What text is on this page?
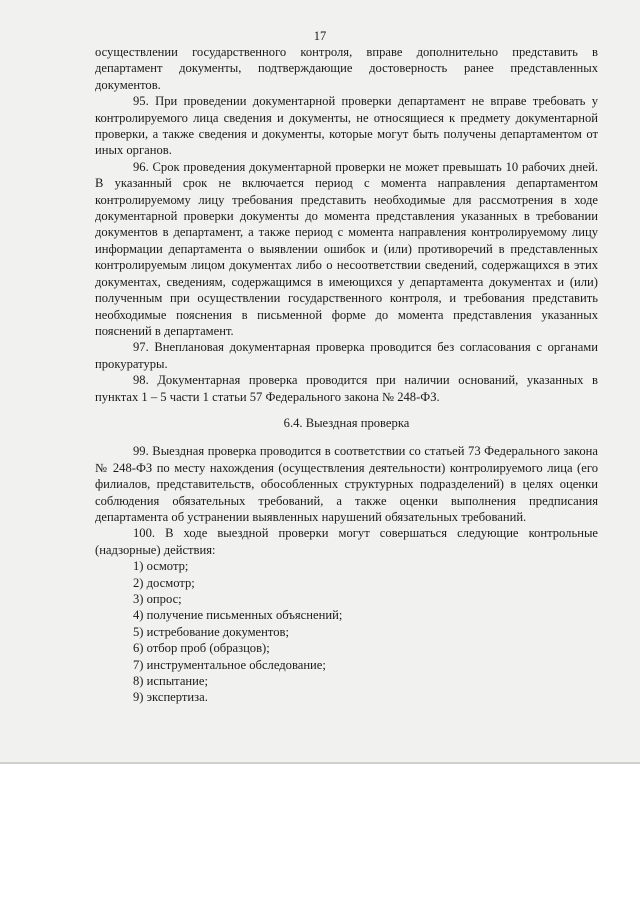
17

осуществлении государственного контроля, вправе дополнительно представить в департамент документы, подтверждающие достоверность ранее представленных документов.

95. При проведении документарной проверки департамент не вправе требовать у контролируемого лица сведения и документы, не относящиеся к предмету документарной проверки, а также сведения и документы, которые могут быть получены департаментом от иных органов.

96. Срок проведения документарной проверки не может превышать 10 рабочих дней. В указанный срок не включается период с момента направления департаментом контролируемому лицу требования представить необходимые для рассмотрения в ходе документарной проверки документы до момента представления указанных в требовании документов в департамент, а также период с момента направления контролируемому лицу информации департамента о выявлении ошибок и (или) противоречий в представленных контролируемым лицом документах либо о несоответствии сведений, содержащихся в этих документах, сведениям, содержащимся в имеющихся у департамента документах и (или) полученным при осуществлении государственного контроля, и требования представить необходимые пояснения в письменной форме до момента представления указанных пояснений в департамент.

97. Внеплановая документарная проверка проводится без согласования с органами прокуратуры.

98. Документарная проверка проводится при наличии оснований, указанных в пунктах 1 – 5 части 1 статьи 57 Федерального закона № 248-ФЗ.

6.4. Выездная проверка

99. Выездная проверка проводится в соответствии со статьей 73 Федерального закона № 248-ФЗ по месту нахождения (осуществления деятельности) контролируемого лица (его филиалов, представительств, обособленных структурных подразделений) в целях оценки соблюдения обязательных требований, а также оценки выполнения предписания департамента об устранении выявленных нарушений обязательных требований.

100. В ходе выездной проверки могут совершаться следующие контрольные (надзорные) действия:

1) осмотр;
2) досмотр;
3) опрос;
4) получение письменных объяснений;
5) истребование документов;
6) отбор проб (образцов);
7) инструментальное обследование;
8) испытание;
9) экспертиза.
